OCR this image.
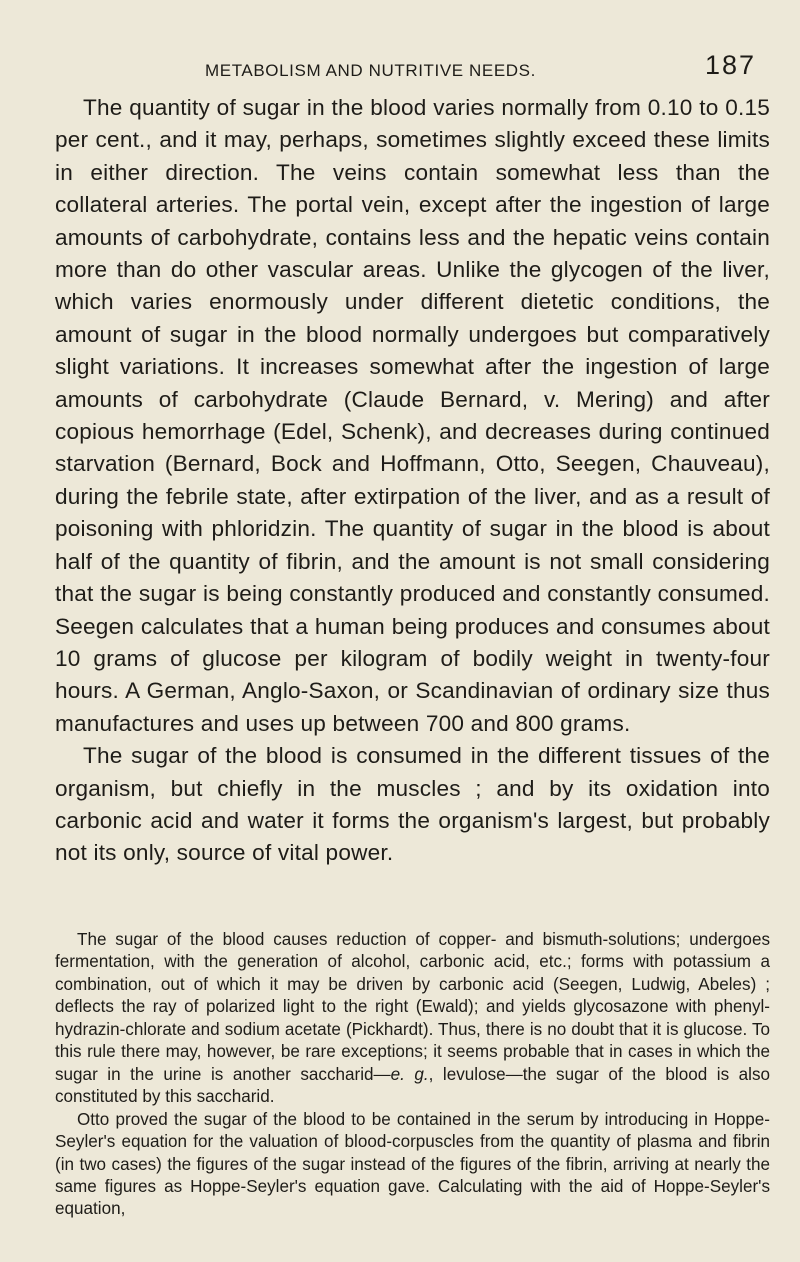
METABOLISM AND NUTRITIVE NEEDS.	187

The quantity of sugar in the blood varies normally from 0.10 to 0.15 per cent., and it may, perhaps, sometimes slightly exceed these limits in either direction. The veins contain somewhat less than the collateral arteries. The portal vein, except after the ingestion of large amounts of carbohydrate, contains less and the hepatic veins contain more than do other vascular areas. Unlike the glycogen of the liver, which varies enormously under different dietetic conditions, the amount of sugar in the blood normally undergoes but comparatively slight variations. It increases somewhat after the ingestion of large amounts of carbohydrate (Claude Bernard, v. Mering) and after copious hemorrhage (Edel, Schenk), and decreases during continued starvation (Bernard, Bock and Hoffmann, Otto, Seegen, Chauveau), during the febrile state, after extirpation of the liver, and as a result of poisoning with phloridzin. The quantity of sugar in the blood is about half of the quantity of fibrin, and the amount is not small considering that the sugar is being constantly produced and constantly consumed. Seegen calculates that a human being produces and consumes about 10 grams of glucose per kilogram of bodily weight in twenty-four hours. A German, Anglo-Saxon, or Scandinavian of ordinary size thus manufactures and uses up between 700 and 800 grams.

The sugar of the blood is consumed in the different tissues of the organism, but chiefly in the muscles ; and by its oxidation into carbonic acid and water it forms the organism's largest, but probably not its only, source of vital power.

The sugar of the blood causes reduction of copper- and bismuth-solutions; undergoes fermentation, with the generation of alcohol, carbonic acid, etc.; forms with potassium a combination, out of which it may be driven by carbonic acid (Seegen, Ludwig, Abeles) ; deflects the ray of polarized light to the right (Ewald); and yields glycosazone with phenyl-hydrazin-chlorate and sodium acetate (Pickhardt). Thus, there is no doubt that it is glucose. To this rule there may, however, be rare exceptions; it seems probable that in cases in which the sugar in the urine is another saccharid—e. g., levulose—the sugar of the blood is also constituted by this saccharid.

Otto proved the sugar of the blood to be contained in the serum by introducing in Hoppe-Seyler's equation for the valuation of blood-corpuscles from the quantity of plasma and fibrin (in two cases) the figures of the sugar instead of the figures of the fibrin, arriving at nearly the same figures as Hoppe-Seyler's equation gave. Calculating with the aid of Hoppe-Seyler's equation,
